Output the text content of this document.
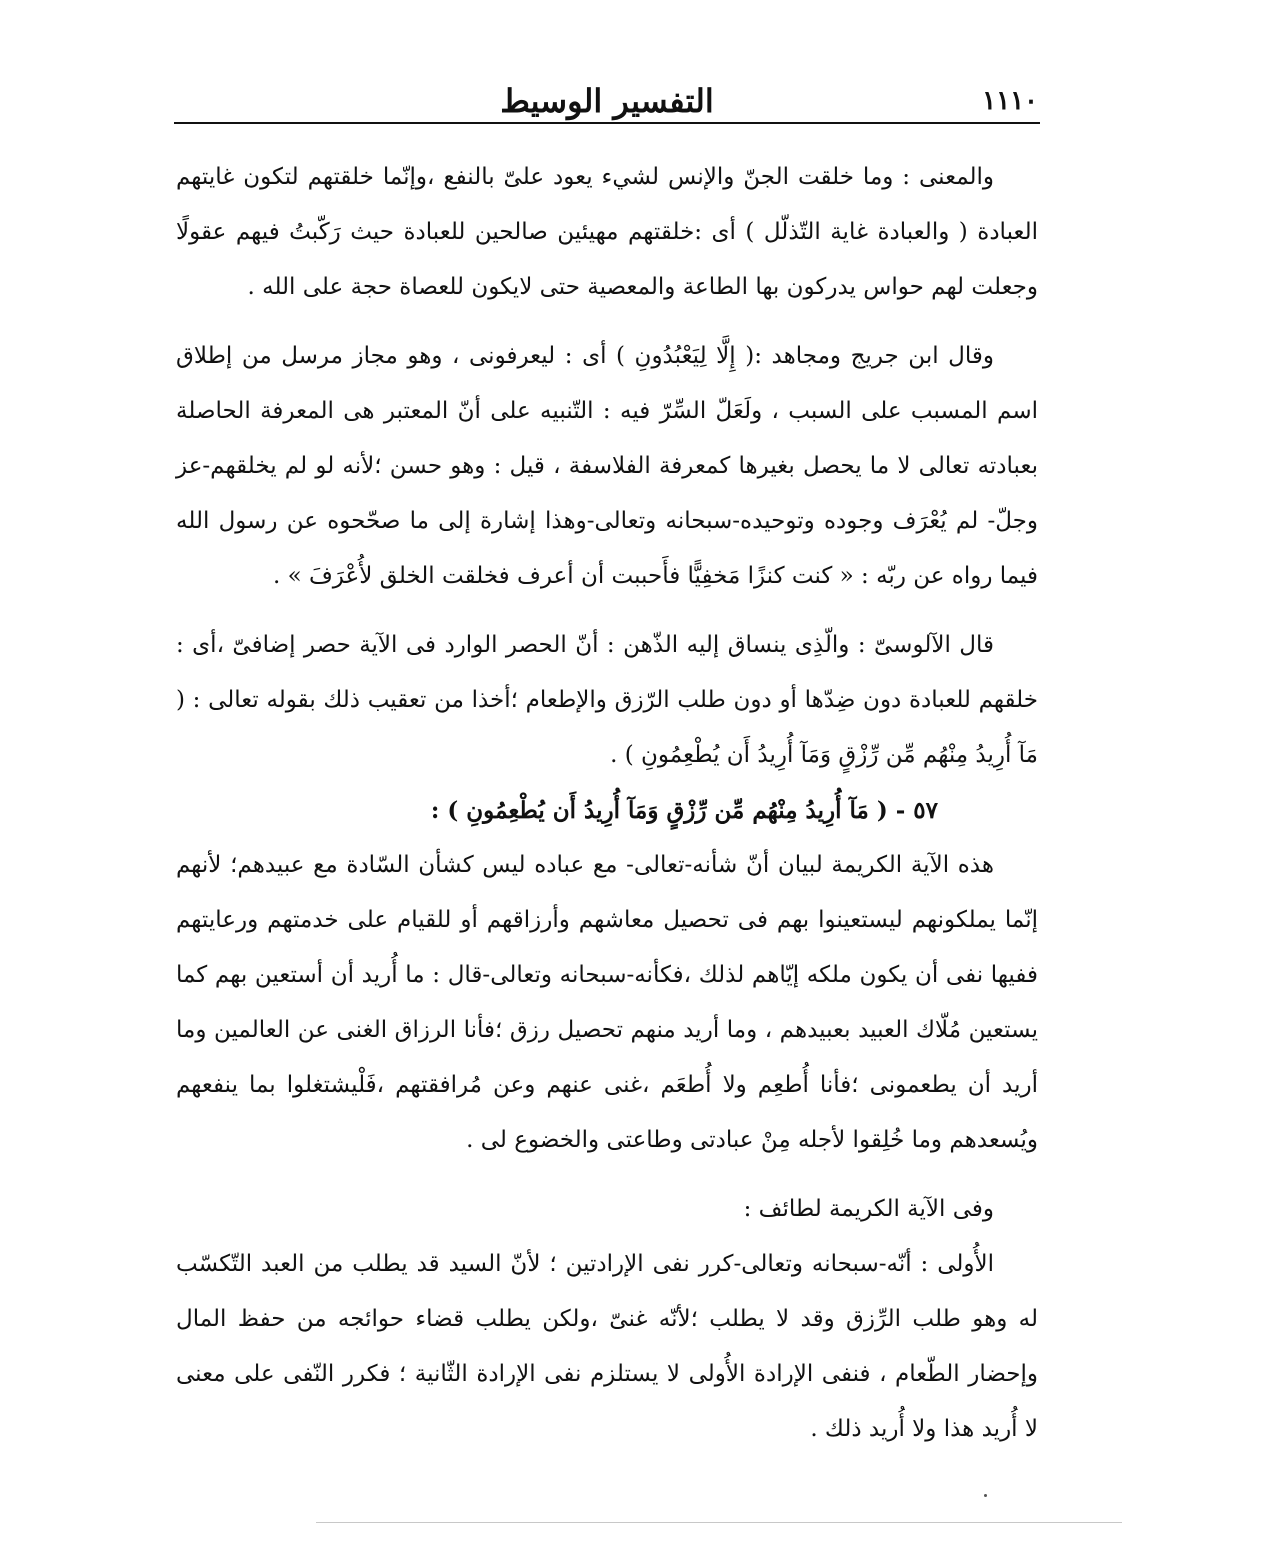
١١١٠
التفسير الوسيط

والمعنى : وما خلقت الجنّ والإنس لشيء يعود علىّ بالنفع ،وإنّما خلقتهم لتكون غايتهم العبادة ( والعبادة غاية التّذلّل ) أى :خلقتهم مهيئين صالحين للعبادة حيث رَكّبتُ فيهم عقولًا وجعلت لهم حواس يدركون بها الطاعة والمعصية حتى لايكون للعصاة حجة على الله .

وقال ابن جريج ومجاهد :( إِلَّا لِيَعْبُدُونِ ) أى : ليعرفونى ، وهو مجاز مرسل من إطلاق اسم المسبب على السبب ، ولَعَلّ السِّرّ فيه : التّنبيه على أنّ المعتبر هى المعرفة الحاصلة بعبادته تعالى لا ما يحصل بغيرها كمعرفة الفلاسفة ، قيل : وهو حسن ؛لأنه لو لم يخلقهم-عز وجلّ- لم يُعْرَف وجوده وتوحيده-سبحانه وتعالى-وهذا إشارة إلى ما صحّحوه عن رسول الله فيما رواه عن ربّه : « كنت كنزًا مَخفِيًّا فأَحببت أن أعرف فخلقت الخلق لأُعْرَفَ » .

قال الآلوسىّ : والّذِى ينساق إليه الذّهن : أنّ الحصر الوارد فى الآية حصر إضافىّ ،أى : خلقهم للعبادة دون ضِدّها أو دون طلب الرّزق والإطعام ؛أخذا من تعقيب ذلك بقوله تعالى : ( مَآ أُرِيدُ مِنْهُم مِّن رِّزْقٍ وَمَآ أُرِيدُ أَن يُطْعِمُونِ ) .

٥٧ - ( مَآ أُرِيدُ مِنْهُم مِّن رِّزْقٍ وَمَآ أُرِيدُ أَن يُطْعِمُونِ ) :

هذه الآية الكريمة لبيان أنّ شأنه-تعالى- مع عباده ليس كشأن السّادة مع عبيدهم؛ لأنهم إنّما يملكونهم ليستعينوا بهم فى تحصيل معاشهم وأرزاقهم أو للقيام على خدمتهم ورعايتهم ففيها نفى أن يكون ملكه إيّاهم لذلك ،فكأنه-سبحانه وتعالى-قال : ما أُريد أن أستعين بهم كما يستعين مُلّاك العبيد بعبيدهم ، وما أريد منهم تحصيل رزق ؛فأنا الرزاق الغنى عن العالمين وما أريد أن يطعمونى ؛فأنا أُطعِم ولا أُطعَم ،غنى عنهم وعن مُرافقتهم ،فَلْيشتغلوا بما ينفعهم ويُسعدهم وما خُلِقوا لأجله مِنْ عبادتى وطاعتى والخضوع لى .

وفى الآية الكريمة لطائف :

الأُولى : أنّه-سبحانه وتعالى-كرر نفى الإرادتين ؛ لأنّ السيد قد يطلب من العبد التّكسّب له وهو طلب الرِّزق وقد لا يطلب ؛لأنّه غنىّ ،ولكن يطلب قضاء حوائجه من حفظ المال وإحضار الطّعام ، فنفى الإرادة الأُولى لا يستلزم نفى الإرادة الثّانية ؛ فكرر النّفى على معنى لا أُريد هذا ولا أُريد ذلك .
